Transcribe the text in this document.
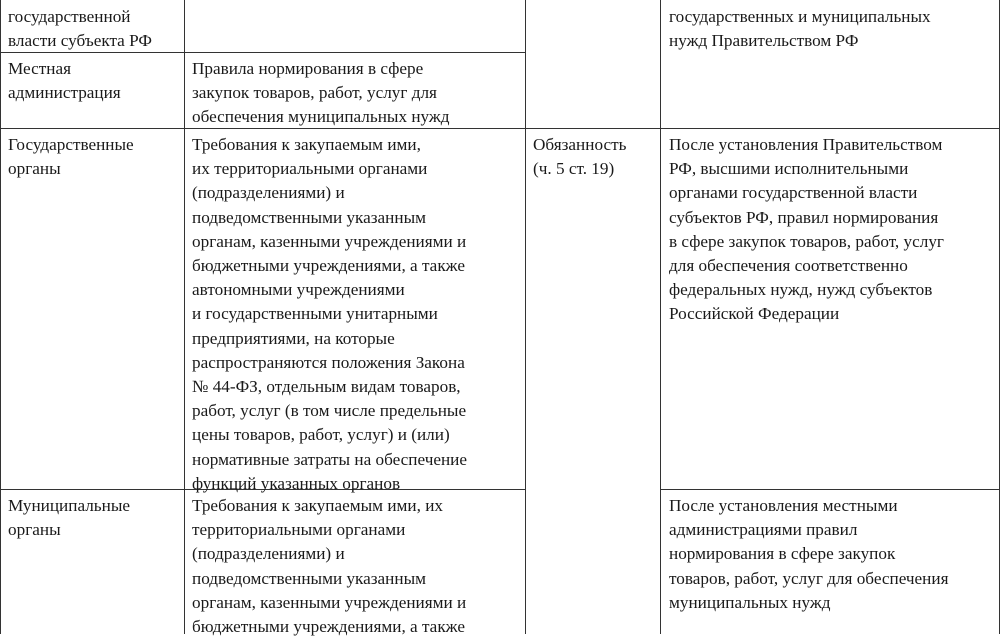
государственной
власти субъекта РФ
государственных и муниципальных
нужд Правительством РФ
Местная
администрация
Правила нормирования в сфере
закупок товаров, работ, услуг для
обеспечения муниципальных нужд
Государственные
органы
Требования к закупаемым ими,
их территориальными органами
(подразделениями) и
подведомственными указанным
органам, казенными учреждениями и
бюджетными учреждениями, а также
автономными учреждениями
и государственными унитарными
предприятиями, на которые
распространяются положения Закона
№ 44-ФЗ, отдельным видам товаров,
работ, услуг (в том числе предельные
цены товаров, работ, услуг) и (или)
нормативные затраты на обеспечение
функций указанных органов
Обязанность
(ч. 5 ст. 19)
После установления Правительством
РФ, высшими исполнительными
органами государственной власти
субъектов РФ, правил нормирования
в сфере закупок товаров, работ, услуг
для обеспечения соответственно
федеральных нужд, нужд субъектов
Российской Федерации
Муниципальные
органы
Требования к закупаемым ими, их
территориальными органами
(подразделениями) и
подведомственными указанным
органам, казенными учреждениями и
бюджетными учреждениями, а также
После установления местными
администрациями правил
нормирования в сфере закупок
товаров, работ, услуг для обеспечения
муниципальных нужд
